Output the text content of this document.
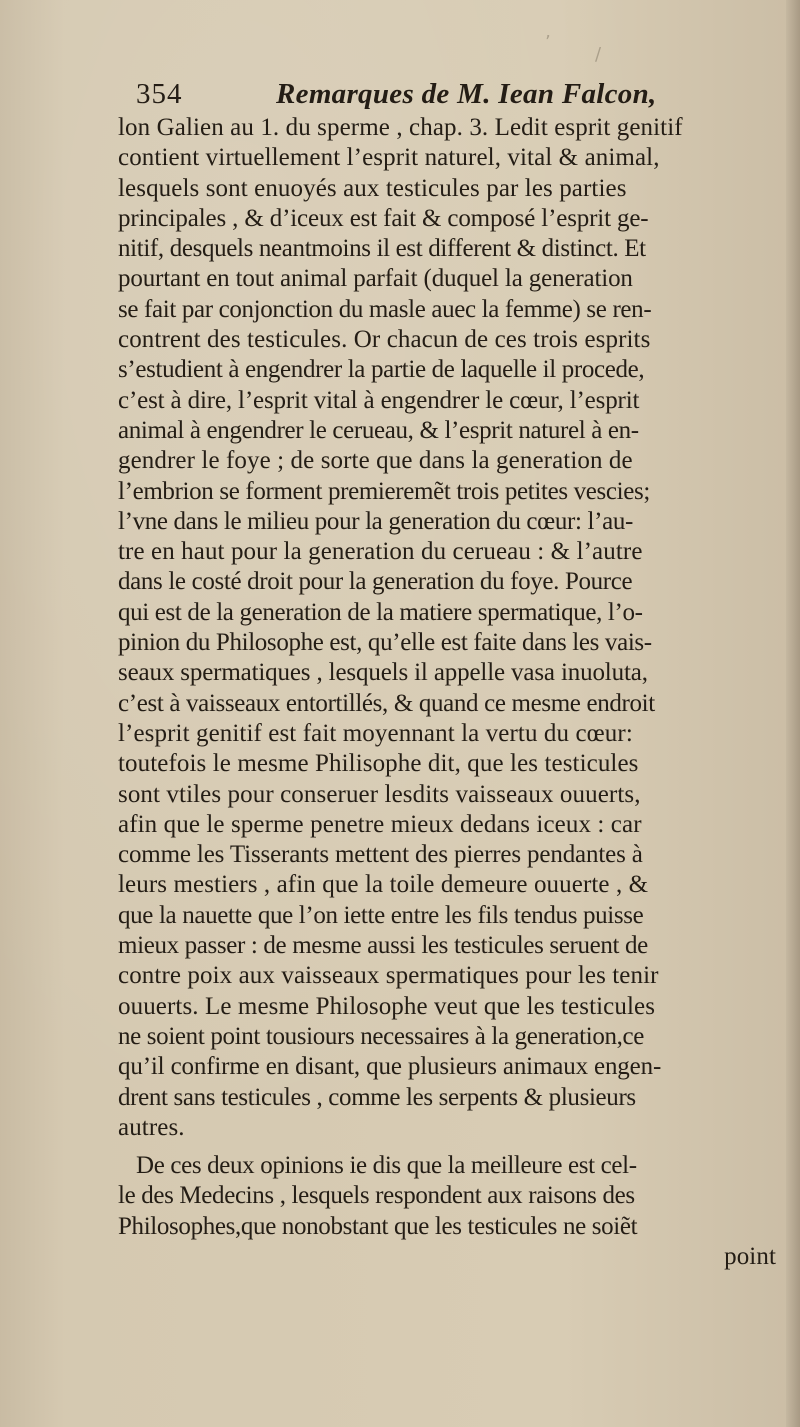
354	Remarques de M. Iean Falcon,
lon Galien au 1. du sperme , chap. 3. Ledit esprit genitif
contient virtuellement l’esprit naturel, vital & animal,
lesquels sont enuoyés aux testicules par les parties
principales , & d’iceux est fait & composé l’esprit ge-
nitif, desquels neantmoins il est different & distinct. Et
pourtant en tout animal parfait (duquel la generation
se fait par conjonction du masle auec la femme) se ren-
contrent des testicules. Or chacun de ces trois esprits
s’estudient à engendrer la partie de laquelle il procede,
c’est à dire, l’esprit vital à engendrer le cœur, l’esprit
animal à engendrer le cerueau, & l’esprit naturel à en-
gendrer le foye ; de sorte que dans la generation de
l’embrion se forment premieremẽt trois petites vescies;
l’vne dans le milieu pour la generation du cœur: l’au-
tre en haut pour la generation du cerueau : & l’autre
dans le costé droit pour la generation du foye. Pource
qui est de la generation de la matiere spermatique, l’o-
pinion du Philosophe est, qu’elle est faite dans les vais-
seaux spermatiques , lesquels il appelle vasa inuoluta,
c’est à vaisseaux entortillés, & quand ce mesme endroit
l’esprit genitif est fait moyennant la vertu du cœur:
toutefois le mesme Philisophe dit, que les testicules
sont vtiles pour conseruer lesdits vaisseaux ouuerts,
afin que le sperme penetre mieux dedans iceux : car
comme les Tisserants mettent des pierres pendantes à
leurs mestiers , afin que la toile demeure ouuerte , &
que la nauette que l’on iette entre les fils tendus puisse
mieux passer : de mesme aussi les testicules seruent de
contre poix aux vaisseaux spermatiques pour les tenir
ouuerts. Le mesme Philosophe veut que les testicules
ne soient point tousiours necessaires à la generation,ce
qu’il confirme en disant, que plusieurs animaux engen-
drent sans testicules , comme les serpents & plusieurs
autres.
De ces deux opinions ie dis que la meilleure est cel-
le des Medecins , lesquels respondent aux raisons des
Philosophes,que nonobstant que les testicules ne soiẽt
point
’
/
